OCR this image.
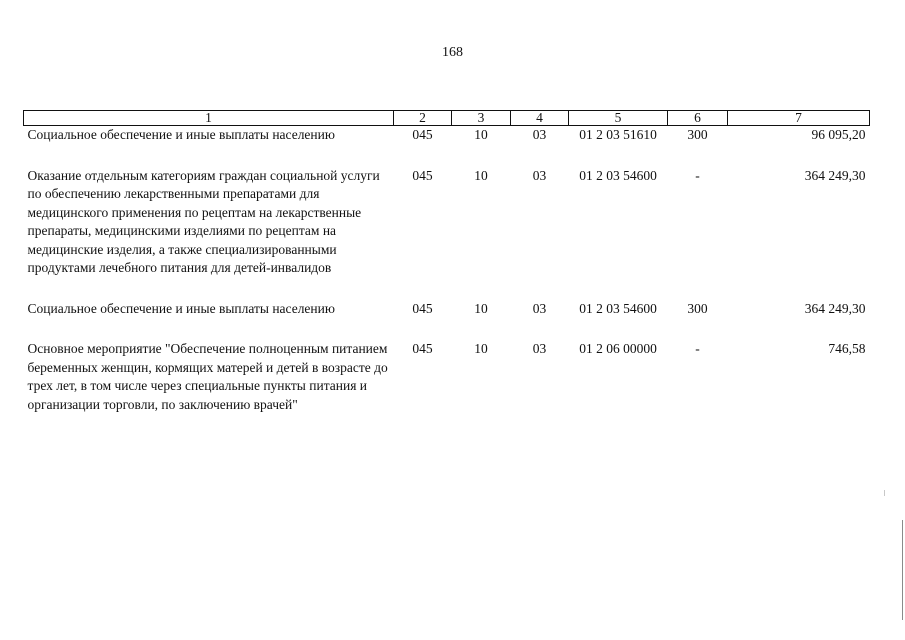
168
1	2	3	4	5	6	7
Социальное обеспечение и иные выплаты населению	045	10	03	01 2 03 51610	300	96 095,20
Оказание отдельным категориям граждан социальной услуги по обеспечению лекарственными препаратами для медицинского применения по рецептам на лекарственные препараты, медицинскими изделиями по рецептам на медицинские изделия, а также специализированными продуктами лечебного питания для детей-инвалидов	045	10	03	01 2 03 54600	-	364 249,30
Социальное обеспечение и иные выплаты населению	045	10	03	01 2 03 54600	300	364 249,30
Основное мероприятие "Обеспечение полноценным питанием беременных женщин, кормящих матерей и детей в возрасте до трех лет, в том числе через специальные пункты питания и организации торговли, по заключению врачей"	045	10	03	01 2 06 00000	-	746,58
